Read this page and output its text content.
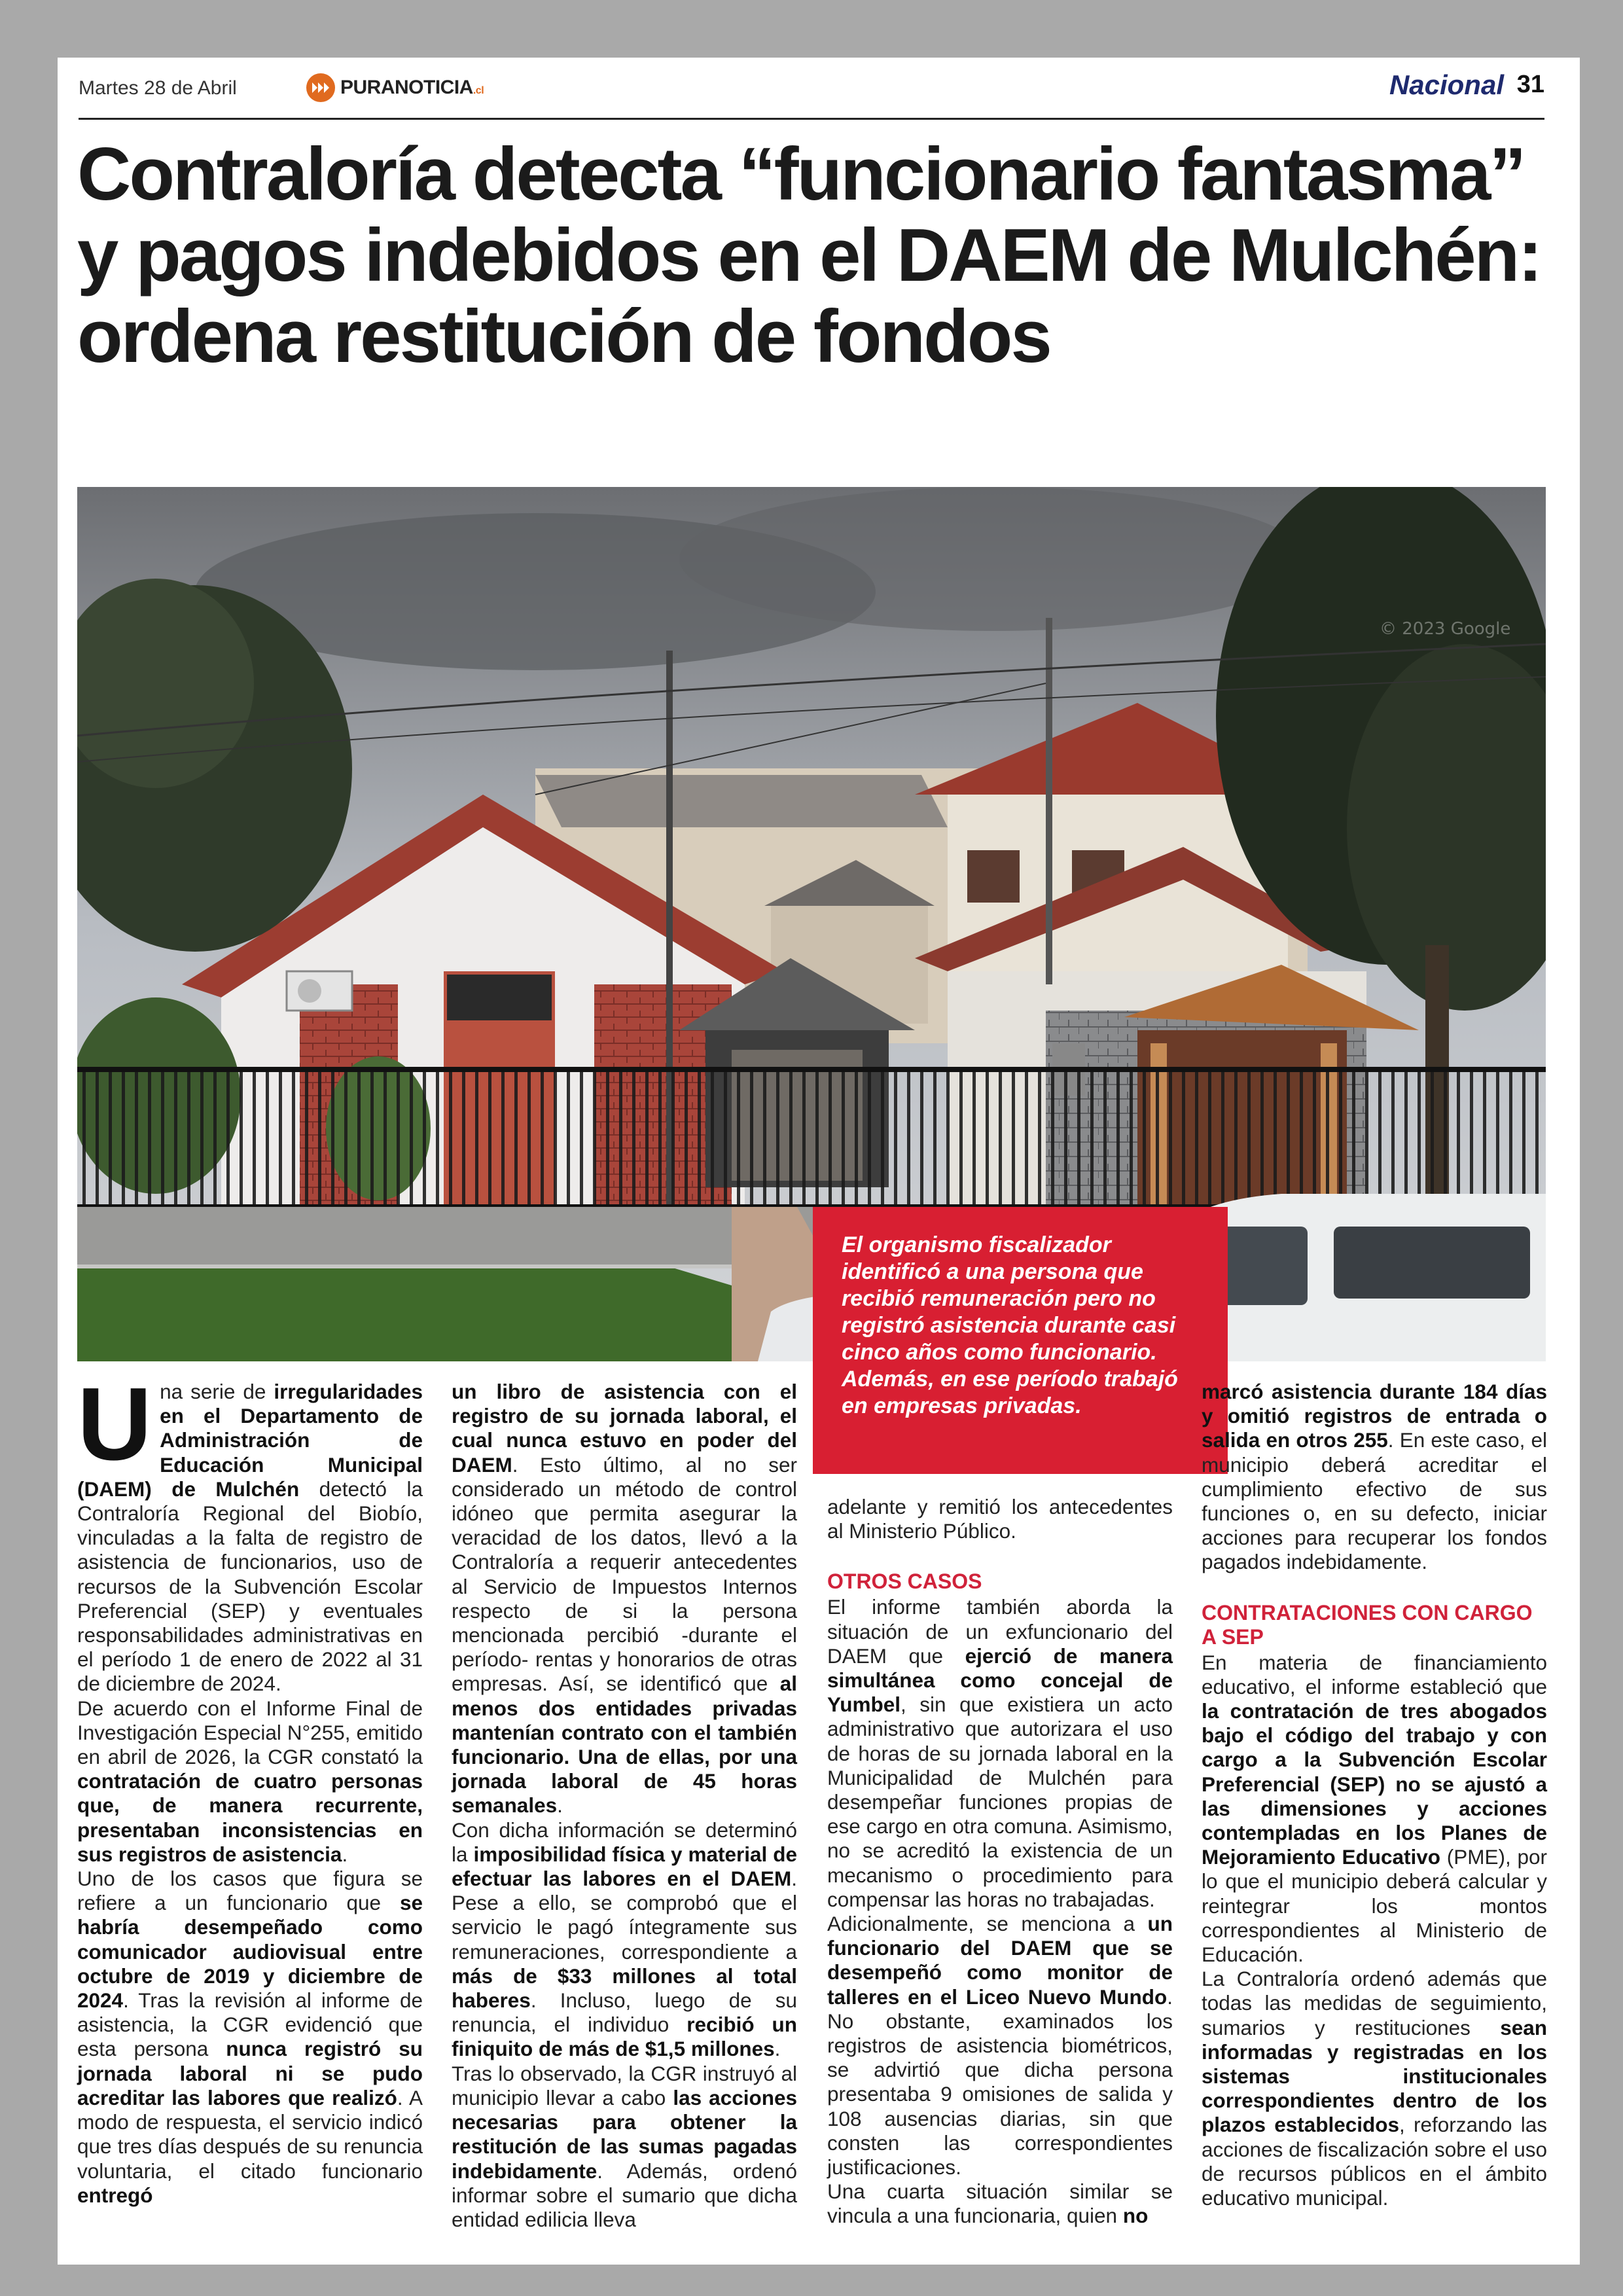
Martes 28 de Abril	PURANOTICIA.cl	Nacional 31
Contraloría detecta “funcionario fantasma” y pagos indebidos en el DAEM de Mulchén: ordena restitución de fondos
© 2023 Google
El organismo fiscalizador identificó a una persona que recibió remuneración pero no registró asistencia durante casi cinco años como funcionario. Además, en ese período trabajó en empresas privadas.

Una serie de irregularidades en el Departamento de Administración de Educación Municipal (DAEM) de Mulchén detectó la Contraloría Regional del Biobío, vinculadas a la falta de registro de asistencia de funcionarios, uso de recursos de la Subvención Escolar Preferencial (SEP) y eventuales responsabilidades administrativas en el período 1 de enero de 2022 al 31 de diciembre de 2024.

De acuerdo con el Informe Final de Investigación Especial N°255, emitido en abril de 2026, la CGR constató la contratación de cuatro personas que, de manera recurrente, presentaban inconsistencias en sus registros de asistencia.

Uno de los casos que figura se refiere a un funcionario que se habría desempeñado como comunicador audiovisual entre octubre de 2019 y diciembre de 2024. Tras la revisión al informe de asistencia, la CGR evidenció que esta persona nunca registró su jornada laboral ni se pudo acreditar las labores que realizó. A modo de respuesta, el servicio indicó que tres días después de su renuncia voluntaria, el citado funcionario entregó

un libro de asistencia con el registro de su jornada laboral, el cual nunca estuvo en poder del DAEM. Esto último, al no ser considerado un método de control idóneo que permita asegurar la veracidad de los datos, llevó a la Contraloría a requerir antecedentes al Servicio de Impuestos Internos respecto de si la persona mencionada percibió -durante el período- rentas y honorarios de otras empresas. Así, se identificó que al menos dos entidades privadas mantenían contrato con el también funcionario. Una de ellas, por una jornada laboral de 45 horas semanales.

Con dicha información se determinó la imposibilidad física y material de efectuar las labores en el DAEM. Pese a ello, se comprobó que el servicio le pagó íntegramente sus remuneraciones, correspondiente a más de $33 millones al total haberes. Incluso, luego de su renuncia, el individuo recibió un finiquito de más de $1,5 millones.

Tras lo observado, la CGR instruyó al municipio llevar a cabo las acciones necesarias para obtener la restitución de las sumas pagadas indebidamente. Además, ordenó informar sobre el sumario que dicha entidad edilicia lleva

adelante y remitió los antecedentes al Ministerio Público.

OTROS CASOS

El informe también aborda la situación de un exfuncionario del DAEM que ejerció de manera simultánea como concejal de Yumbel, sin que existiera un acto administrativo que autorizara el uso de horas de su jornada laboral en la Municipalidad de Mulchén para desempeñar funciones propias de ese cargo en otra comuna. Asimismo, no se acreditó la existencia de un mecanismo o procedimiento para compensar las horas no trabajadas.

Adicionalmente, se menciona a un funcionario del DAEM que se desempeñó como monitor de talleres en el Liceo Nuevo Mundo. No obstante, examinados los registros de asistencia biométricos, se advirtió que dicha persona presentaba 9 omisiones de salida y 108 ausencias diarias, sin que consten las correspondientes justificaciones.

Una cuarta situación similar se vincula a una funcionaria, quien no

marcó asistencia durante 184 días y omitió registros de entrada o salida en otros 255. En este caso, el municipio deberá acreditar el cumplimiento efectivo de sus funciones o, en su defecto, iniciar acciones para recuperar los fondos pagados indebidamente.

CONTRATACIONES CON CARGO A SEP

En materia de financiamiento educativo, el informe estableció que la contratación de tres abogados bajo el código del trabajo y con cargo a la Subvención Escolar Preferencial (SEP) no se ajustó a las dimensiones y acciones contempladas en los Planes de Mejoramiento Educativo (PME), por lo que el municipio deberá calcular y reintegrar los montos correspondientes al Ministerio de Educación.

La Contraloría ordenó además que todas las medidas de seguimiento, sumarios y restituciones sean informadas y registradas en los sistemas institucionales correspondientes dentro de los plazos establecidos, reforzando las acciones de fiscalización sobre el uso de recursos públicos en el ámbito educativo municipal.
